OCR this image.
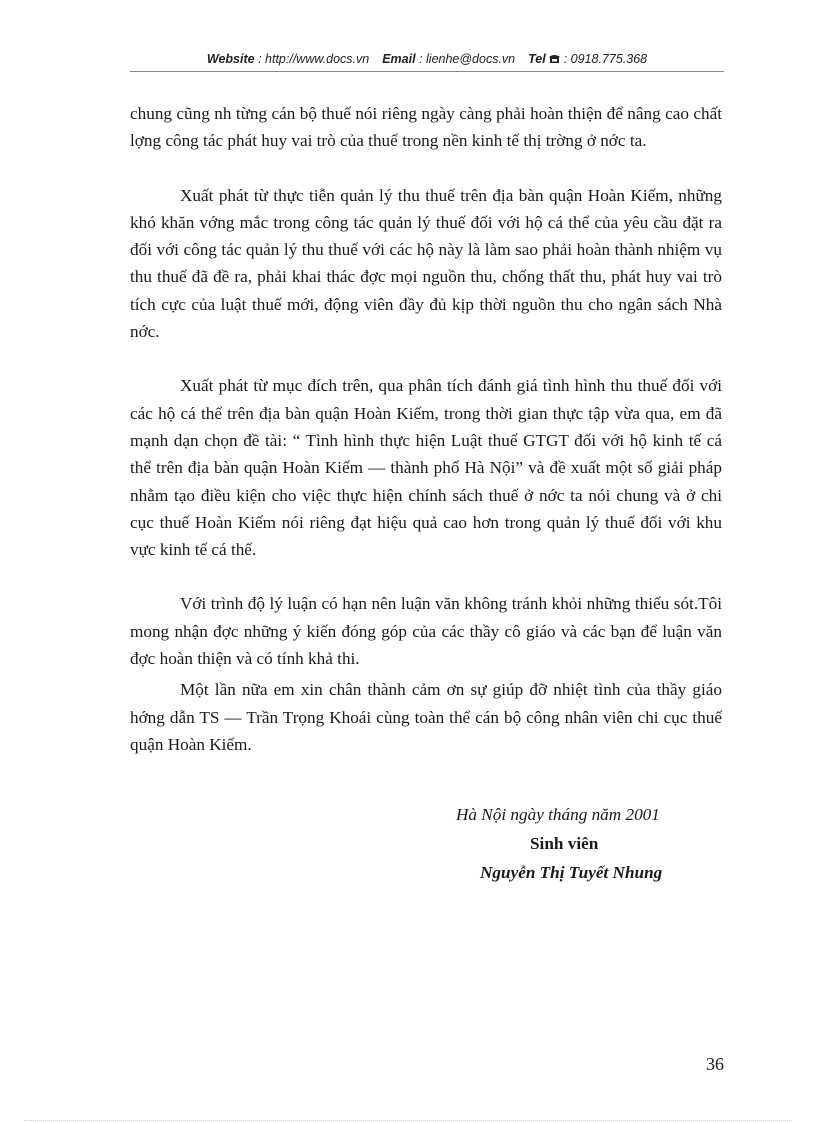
Website : http://www.docs.vn Email : lienhe@docs.vn Tel : 0918.775.368

chung cũng nh từng cán bộ thuế nói riêng ngày càng phải hoàn thiện để nâng cao chất lợng công tác phát huy vai trò của thuế trong nền kinh tế thị trờng ở nớc ta.

Xuất phát từ thực tiễn quản lý thu thuế trên địa bàn quận Hoàn Kiếm, những khó khăn vớng mắc trong công tác quản lý thuế đối với hộ cá thể của yêu cầu đặt ra đối với công tác quản lý thu thuế với các hộ này là làm sao phải hoàn thành nhiệm vụ thu thuế đã đề ra, phải khai thác đợc mọi nguồn thu, chống thất thu, phát huy vai trò tích cực của luật thuế mới, động viên đầy đủ kịp thời nguồn thu cho ngân sách Nhà nớc.

Xuất phát từ mục đích trên, qua phân tích đánh giá tình hình thu thuế đối với các hộ cá thể trên địa bàn quận Hoàn Kiếm, trong thời gian thực tập vừa qua, em đã mạnh dạn chọn đề tài: “ Tình hình thực hiện Luật thuế GTGT đối với hộ kinh tế cá thể trên địa bàn quận Hoàn Kiếm — thành phố Hà Nội” và đề xuất một số giải pháp nhằm tạo điều kiện cho việc thực hiện chính sách thuế ở nớc ta nói chung và ở chi cục thuế Hoàn Kiếm nói riêng đạt hiệu quả cao hơn trong quản lý thuế đối với khu vực kinh tế cá thể.

Với trình độ lý luận có hạn nên luận văn không tránh khỏi những thiếu sót.Tôi mong nhận đợc những ý kiến đóng góp của các thầy cô giáo và các bạn để luận văn đợc hoàn thiện và có tính khả thi.

Một lần nữa em xin chân thành cảm ơn sự giúp đỡ nhiệt tình của thầy giáo hớng dẫn TS — Trần Trọng Khoái cùng toàn thể cán bộ công nhân viên chi cục thuế quận Hoàn Kiếm.

Hà Nội ngày tháng năm 2001
Sinh viên
Nguyễn Thị Tuyết Nhung
36
